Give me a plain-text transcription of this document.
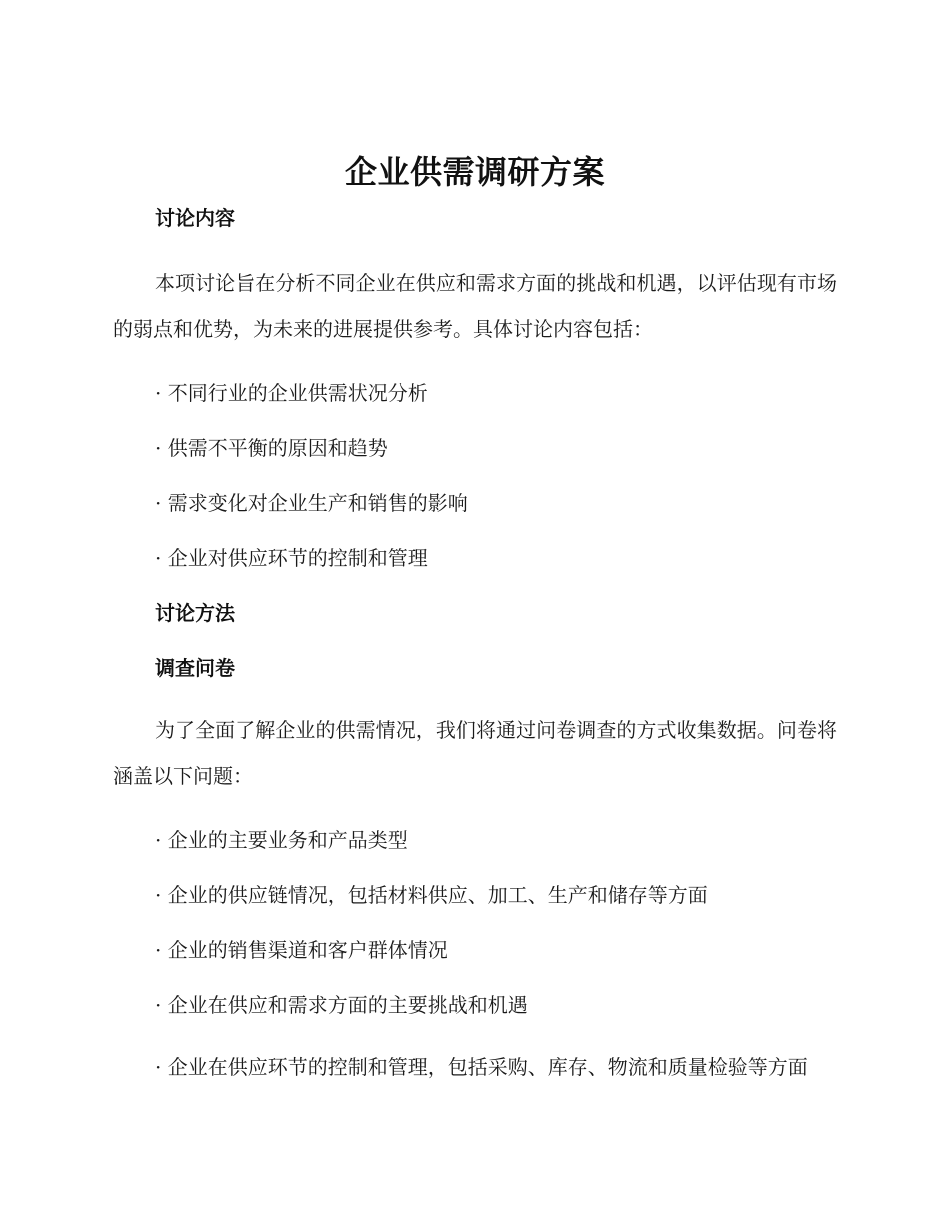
企业供需调研方案
讨论内容

本项讨论旨在分析不同企业在供应和需求方面的挑战和机遇，以评估现有市场的弱点和优势，为未来的进展提供参考。具体讨论内容包括：

· 不同行业的企业供需状况分析

· 供需不平衡的原因和趋势

· 需求变化对企业生产和销售的影响

· 企业对供应环节的控制和管理

讨论方法
调查问卷

为了全面了解企业的供需情况，我们将通过问卷调查的方式收集数据。问卷将涵盖以下问题：

· 企业的主要业务和产品类型

· 企业的供应链情况，包括材料供应、加工、生产和储存等方面

· 企业的销售渠道和客户群体情况

· 企业在供应和需求方面的主要挑战和机遇

· 企业在供应环节的控制和管理，包括采购、库存、物流和质量检验等方面
